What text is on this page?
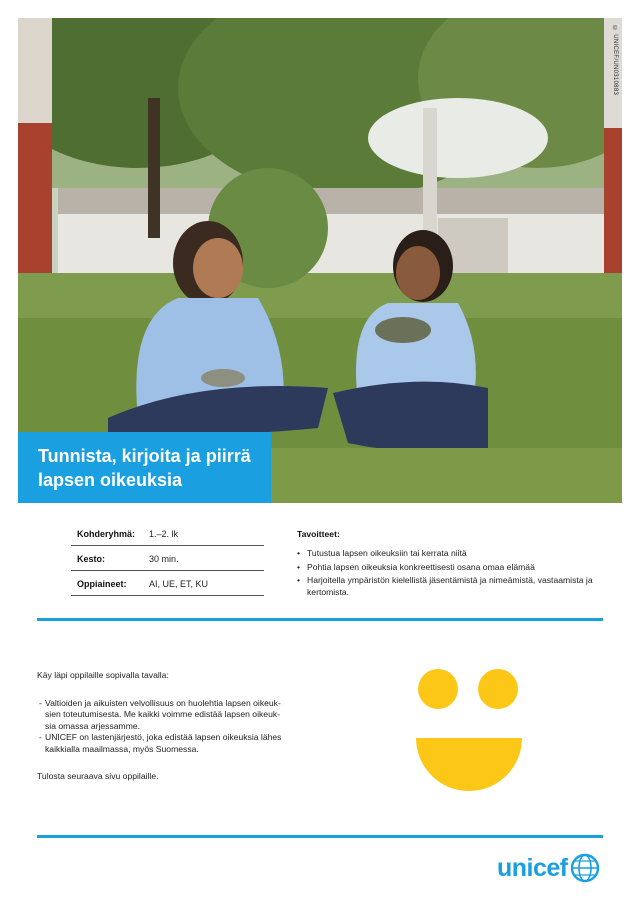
© UNICEF/UN0310883
Tunnista, kirjoita ja piirrä lapsen oikeuksia
Kohderyhmä: 1.–2. lk
Kesto:	30 min.
Oppiaineet: AI, UE, ET, KU
Tavoitteet:
• Tutustua lapsen oikeuksiin tai kerrata niitä
• Pohtia lapsen oikeuksia konkreettisesti osana omaa elämää
• Harjoitella ympäristön kielellistä jäsentämistä ja nimeämistä, vastaamista ja kertomista.
Käy läpi oppilaille sopivalla tavalla:
- Valtioiden ja aikuisten velvollisuus on huolehtia lapsen oikeuk-
sien toteutumisesta. Me kaikki voimme edistää lapsen oikeuk-
sia omassa arjessamme.
- UNICEF on lastenjärjestö, joka edistää lapsen oikeuksia lähes
kaikkialla maailmassa, myös Suomessa.
Tulosta seuraava sivu oppilaille.
unicef
